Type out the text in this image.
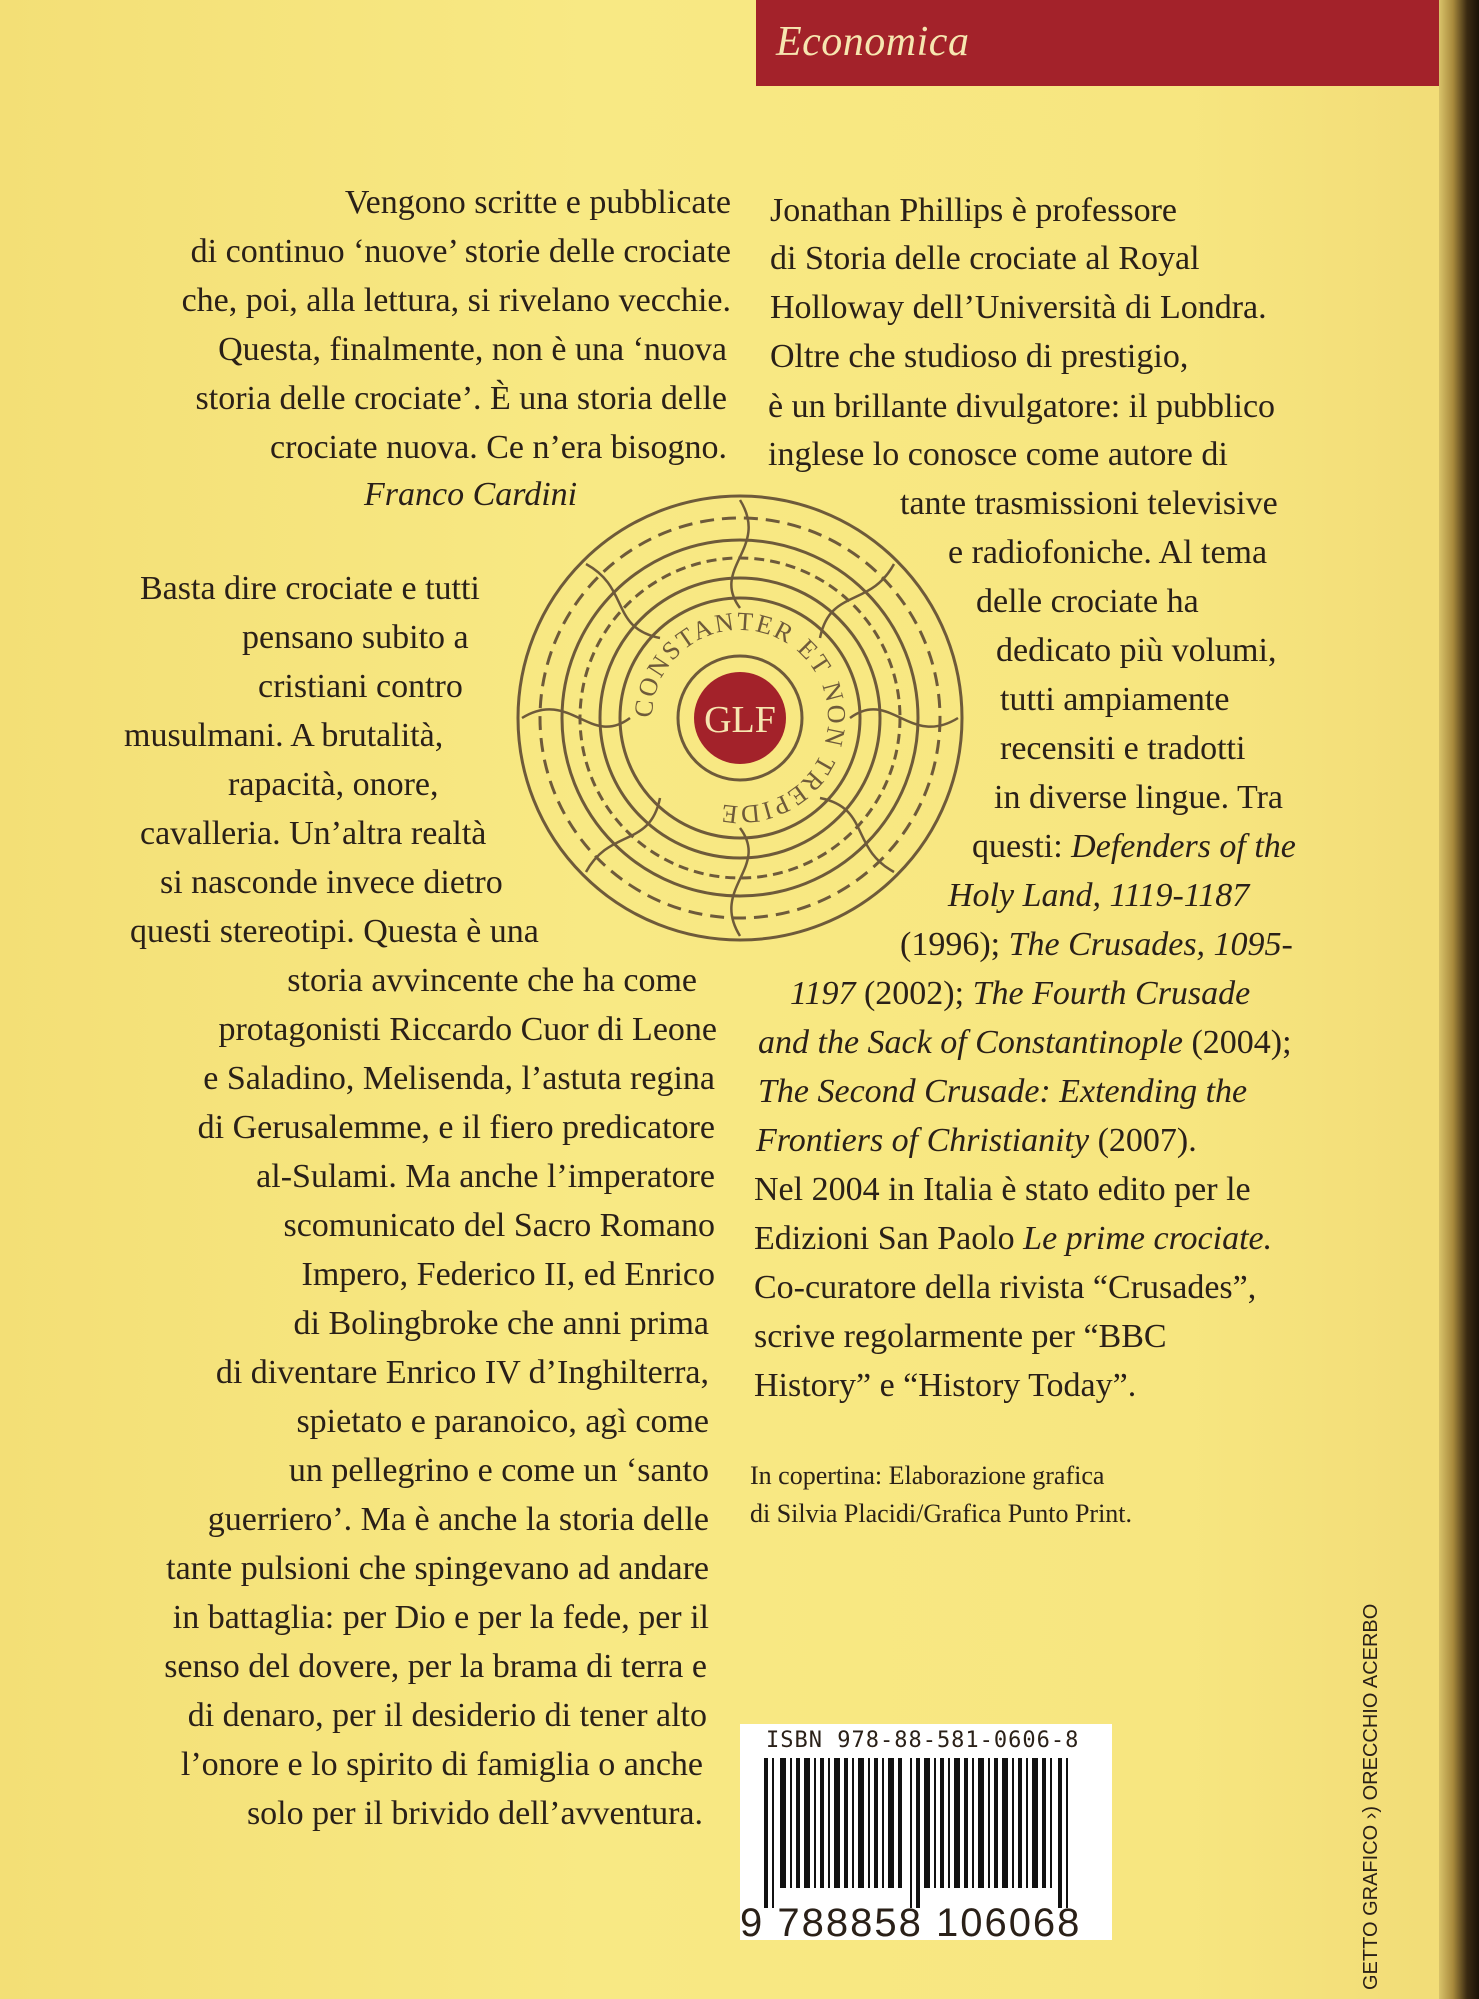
Economica
Vengono scritte e pubblicate
di continuo ‘nuove’ storie delle crociate
che, poi, alla lettura, si rivelano vecchie.
Questa, finalmente, non è una ‘nuova
storia delle crociate’. È una storia delle
crociate nuova. Ce n’era bisogno.
Franco Cardini
Basta dire crociate e tutti
pensano subito a
cristiani contro
musulmani. A brutalità,
rapacità, onore,
cavalleria. Un’altra realtà
si nasconde invece dietro
questi stereotipi. Questa è una
storia avvincente che ha come
protagonisti Riccardo Cuor di Leone
e Saladino, Melisenda, l’astuta regina
di Gerusalemme, e il fiero predicatore
al-Sulami. Ma anche l’imperatore
scomunicato del Sacro Romano
Impero, Federico II, ed Enrico
di Bolingbroke che anni prima
di diventare Enrico IV d’Inghilterra,
spietato e paranoico, agì come
un pellegrino e come un ‘santo
guerriero’. Ma è anche la storia delle
tante pulsioni che spingevano ad andare
in battaglia: per Dio e per la fede, per il
senso del dovere, per la brama di terra e
di denaro, per il desiderio di tener alto
l’onore e lo spirito di famiglia o anche
solo per il brivido dell’avventura.
Jonathan Phillips è professore
di Storia delle crociate al Royal
Holloway dell’Università di Londra.
Oltre che studioso di prestigio,
è un brillante divulgatore: il pubblico
inglese lo conosce come autore di
tante trasmissioni televisive
e radiofoniche. Al tema
delle crociate ha
dedicato più volumi,
tutti ampiamente
recensiti e tradotti
in diverse lingue. Tra
questi: Defenders of the
Holy Land, 1119-1187
(1996); The Crusades, 1095-
1197 (2002); The Fourth Crusade
and the Sack of Constantinople (2004);
The Second Crusade: Extending the
Frontiers of Christianity (2007).
Nel 2004 in Italia è stato edito per le
Edizioni San Paolo Le prime crociate.
Co-curatore della rivista “Crusades”,
scrive regolarmente per “BBC
History” e “History Today”.
In copertina: Elaborazione grafica
di Silvia Placidi/Grafica Punto Print.
CONSTANTER ET NON TREPIDE
GLF
ISBN 978-88-581-0606-8
9 788858 106068	GETTO GRAFICO ›) ORECCHIO ACERBO
